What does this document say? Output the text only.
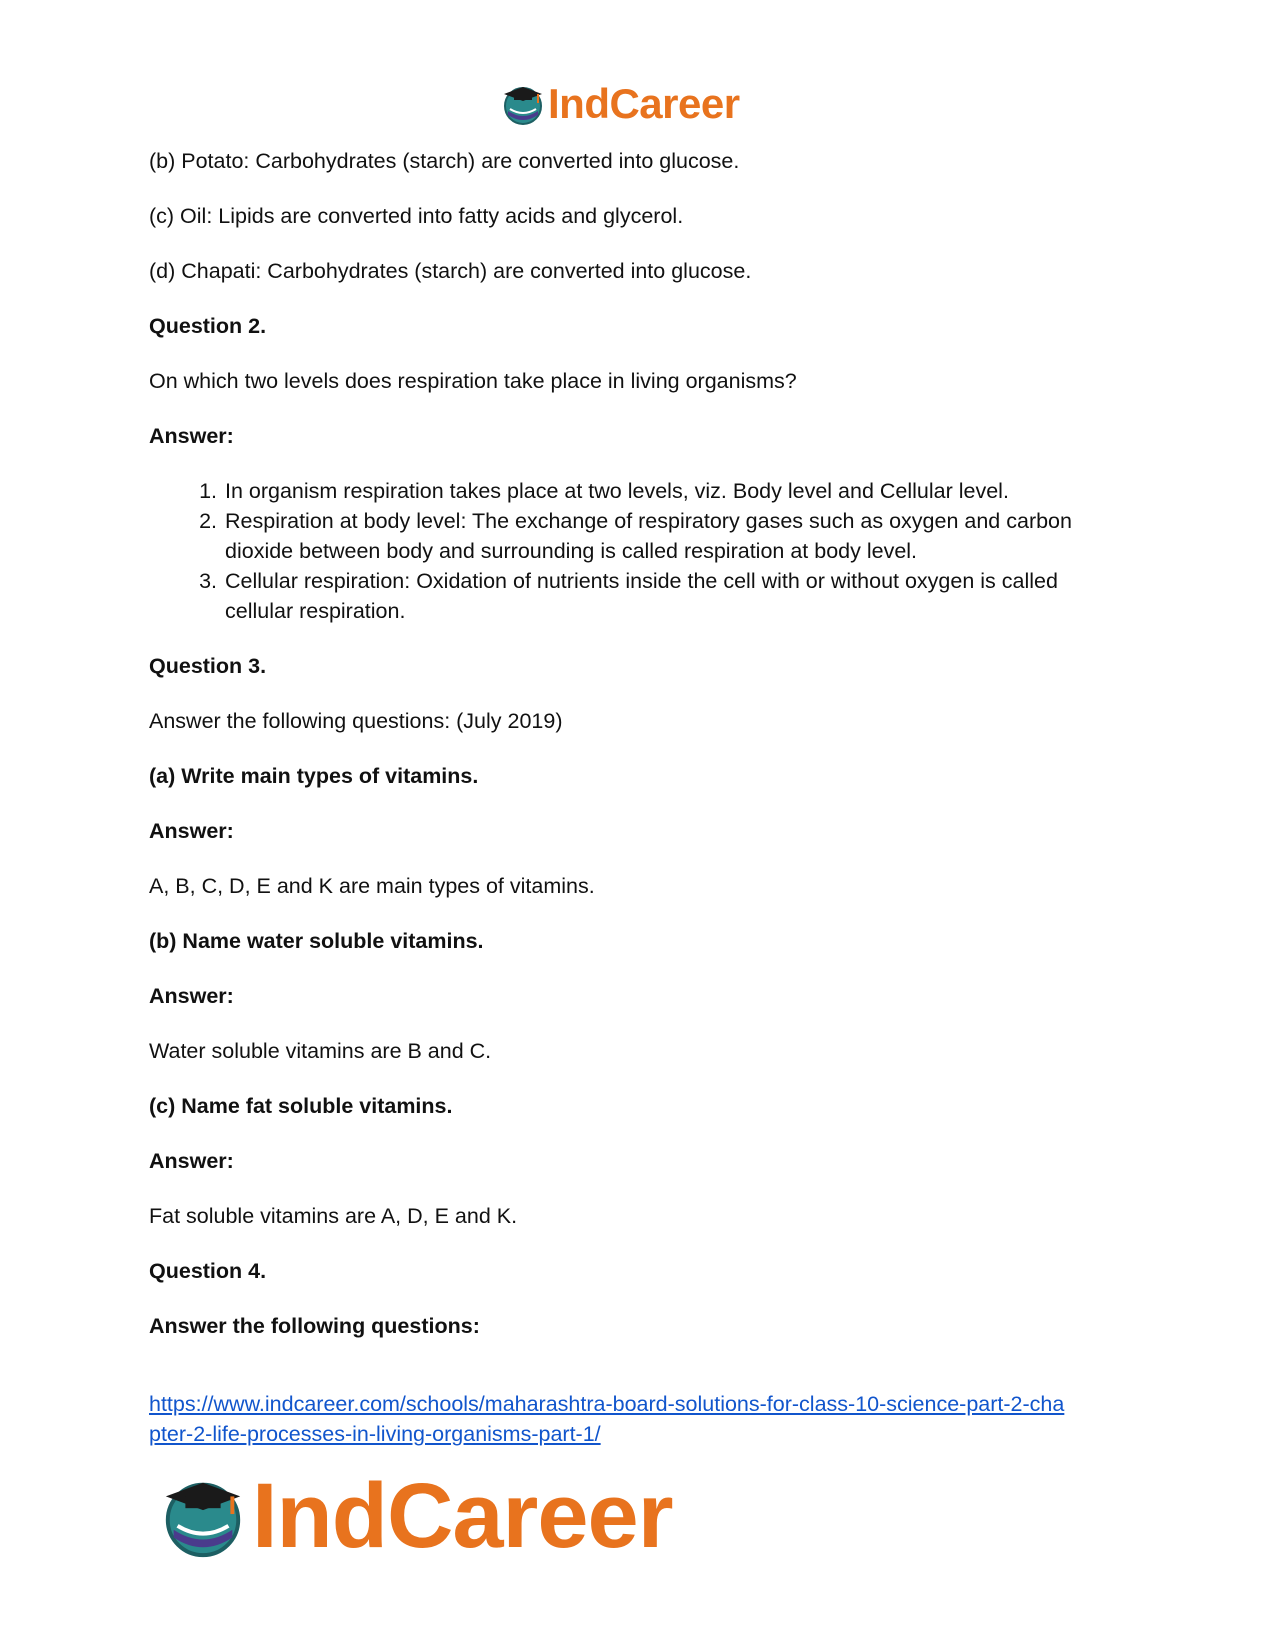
IndCareer

(b) Potato: Carbohydrates (starch) are converted into glucose.

(c) Oil: Lipids are converted into fatty acids and glycerol.

(d) Chapati: Carbohydrates (starch) are converted into glucose.

Question 2.

On which two levels does respiration take place in living organisms?

Answer:

1. In organism respiration takes place at two levels, viz. Body level and Cellular level.
2. Respiration at body level: The exchange of respiratory gases such as oxygen and carbon dioxide between body and surrounding is called respiration at body level.
3. Cellular respiration: Oxidation of nutrients inside the cell with or without oxygen is called cellular respiration.

Question 3.

Answer the following questions: (July 2019)

(a) Write main types of vitamins.

Answer:

A, B, C, D, E and K are main types of vitamins.

(b) Name water soluble vitamins.

Answer:

Water soluble vitamins are B and C.

(c) Name fat soluble vitamins.

Answer:

Fat soluble vitamins are A, D, E and K.

Question 4.

Answer the following questions:

https://www.indcareer.com/schools/maharashtra-board-solutions-for-class-10-science-part-2-cha
pter-2-life-processes-in-living-organisms-part-1/
IndCareer
